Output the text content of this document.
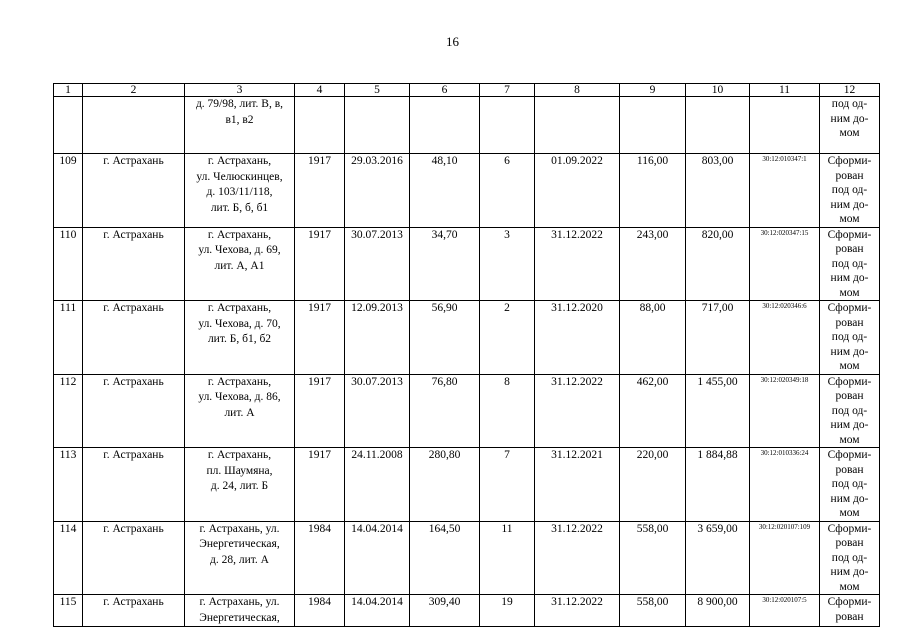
16
1	2	3	4	5	6	7	8	9	10	11	12

		д. 79/98, лит. В, в,
в1, в2									под од-
ним до-
мом

109	г. Астрахань	г. Астрахань,
ул. Челюскинцев,
д. 103/11/118,
лит. Б, б, б1	1917	29.03.2016	48,10	6	01.09.2022	116,00	803,00	30:12:010347:1	Сформи-
рован
под од-
ним до-
мом

110	г. Астрахань	г. Астрахань,
ул. Чехова, д. 69,
лит. А, А1	1917	30.07.2013	34,70	3	31.12.2022	243,00	820,00	30:12:020347:15	Сформи-
рован
под од-
ним до-
мом

111	г. Астрахань	г. Астрахань,
ул. Чехова, д. 70,
лит. Б, б1, б2	1917	12.09.2013	56,90	2	31.12.2020	88,00	717,00	30:12:020346:6	Сформи-
рован
под од-
ним до-
мом

112	г. Астрахань	г. Астрахань,
ул. Чехова, д. 86,
лит. А	1917	30.07.2013	76,80	8	31.12.2022	462,00	1 455,00	30:12:020349:18	Сформи-
рован
под од-
ним до-
мом

113	г. Астрахань	г. Астрахань,
пл. Шаумяна,
д. 24, лит. Б	1917	24.11.2008	280,80	7	31.12.2021	220,00	1 884,88	30:12:010336:24	Сформи-
рован
под од-
ним до-
мом

114	г. Астрахань	г. Астрахань, ул.
Энергетическая,
д. 28, лит. А	1984	14.04.2014	164,50	11	31.12.2022	558,00	3 659,00	30:12:020107:109	Сформи-
рован
под од-
ним до-
мом

115	г. Астрахань	г. Астрахань, ул.
Энергетическая,	1984	14.04.2014	309,40	19	31.12.2022	558,00	8 900,00	30:12:020107:5	Сформи-
рован
